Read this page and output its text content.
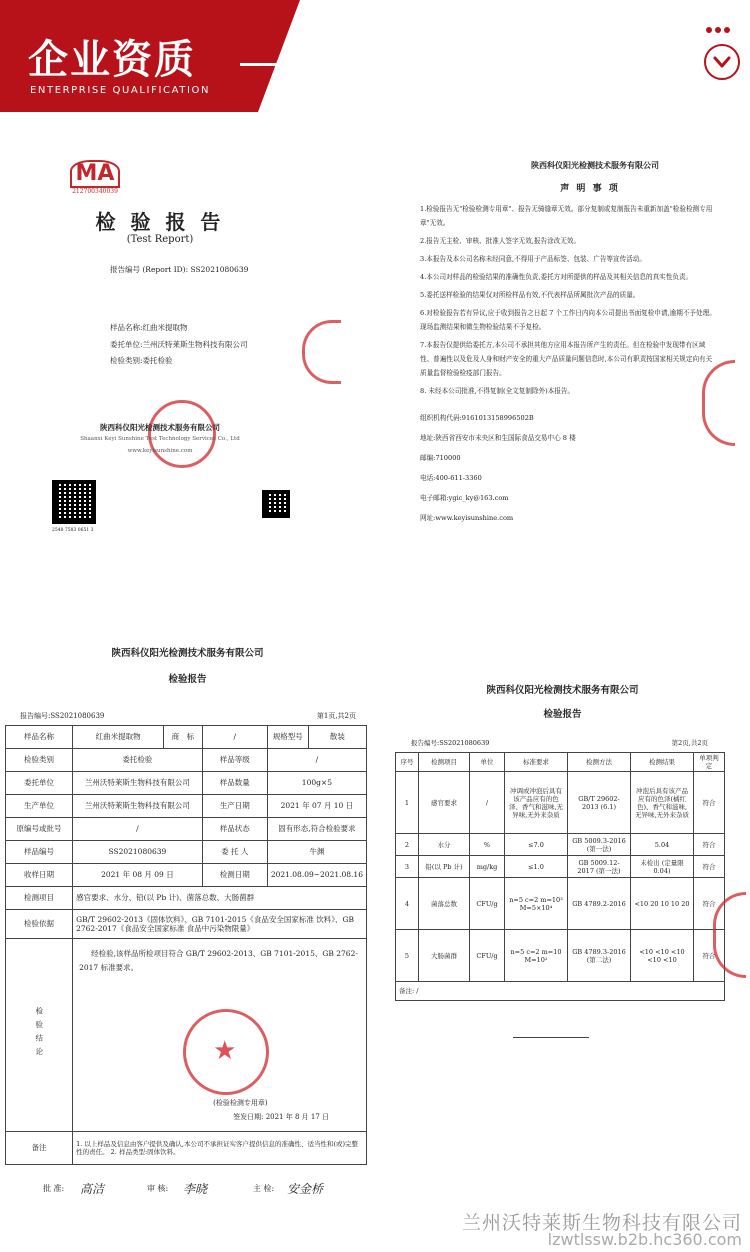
企业资质
ENTERPRISE QUALIFICATION
MA
212700340039
检 验 报 告
(Test Report)
报告编号 (Report ID): SS2021080639
样品名称:红曲米提取物
委托单位:兰州沃特莱斯生物科技有限公司
检验类别:委托检验
陕西科仪阳光检测技术服务有限公司
Shaanxi Keyi Sunshine Test Technology Services Co., Ltd
www.keyisunshine.com
2548 7583 0651 3
陕西科仪阳光检测技术服务有限公司
声 明 事 项
1.检验报告无"检验检测专用章"、报告无骑缝章无效。部分复制或复制报告未重新加盖"检验检测专用章"无效。
2.报告无主检、审核、批准人签字无效,报告涂改无效。
3.本报告及本公司名称未经同意,不得用于产品标签、包装、广告等宣传活动。
4.本公司对样品的检验结果的准确性负责,委托方对所提供的样品及其相关信息的真实性负责。
5.委托送样检验的结果仅对所检样品有效,不代表样品所属批次产品的质量。
6.对检验报告若有异议,应于收到报告之日起 7 个工作日内向本公司提出书面复检申请,逾期不予处理。现场监测结果和微生物检验结果不予复检。
7.本报告仅提供给委托方,本公司不承担其他方应用本报告所产生的责任。但在检验中发现带有区域性、普遍性以及危及人身和财产安全的重大产品质量问题信息时,本公司有职责按国家相关规定向有关质量监督检验检疫部门报告。
8. 未经本公司批准,不得复制(全文复制除外)本报告。
组织机构代码:9161013158996502B
地址:陕西省西安市未央区和生国际食品交易中心 8 楼
邮编:710000
电话:400-611-3360
电子邮箱:ygic_ky@163.com
网址:www.keyisunshine.com
陕西科仪阳光检测技术服务有限公司
检验报告
报告编号:SS2021080639	第1页,共2页
样品名称	红曲米提取物	商　标	/	规格型号	散装
检验类别	委托检验		样品等级	/	
委托单位	兰州沃特莱斯生物科技有限公司		样品数量	100g×5	
生产单位	兰州沃特莱斯生物科技有限公司		生产日期	2021 年 07 月 10 日	
原编号或批号	/		样品状态	固有形态,符合检验要求	
样品编号	SS2021080639		委 托 人	牛渊	
收样日期	2021 年 08 月 09 日		检测日期	2021.08.09~2021.08.16	
检测项目	感官要求、水分、铅(以 Pb 计)、菌落总数、大肠菌群				
检验依据	GB/T 29602-2013《固体饮料》、GB 7101-2015《食品安全国家标准 饮料》、GB 2762-2017《食品安全国家标准 食品中污染物限量》				
检验结论	经检验,该样品所检项目符合 GB/T 29602-2013、GB 7101-2015、GB 2762-2017 标准要求。
★
(检验检测专用章)
签发日期: 2021 年 8 月 17 日				

备注	1. 以上样品及信息由客户提供及确认,本公司不承担证实客户提供信息的准确性、适当性和(或)完整性的责任。 2. 样品类型:固体饮料。				
批 准: 高洁	审 核: 李晓	主 检: 安金桥
陕西科仪阳光检测技术服务有限公司
检验报告
报告编号:SS2021080639	第2页,共2页
序号	检测项目	单位	标准要求	检测方法	检测结果	单项判定
1	感官要求	/	冲调或冲泡后具有该产品应有的色泽、香气和滋味,无异味,无外来杂质	GB/T 29602-2013 (6.1)	冲泡后具有该产品应有的色泽(橘红色)、香气和滋味,无异味,无外来杂质	符合
2	水分	%	≤7.0	GB 5009.3-2016 (第一法)	5.04	符合
3	铅(以 Pb 计)	mg/kg	≤1.0	GB 5009.12-2017 (第一法)	未检出 (定量限 0.04)	符合
4	菌落总数	CFU/g	n=5 c=2 m=10³ M=5×10⁴	GB 4789.2-2016	<10 20 10 10 20	符合
5	大肠菌群	CFU/g	n=5 c=2 m=10 M=10²	GB 4789.3-2016 (第二法)	<10 <10 <10 <10 <10	符合
备注: /						
兰州沃特莱斯生物科技有限公司
lzwtlssw.b2b.hc360.com
